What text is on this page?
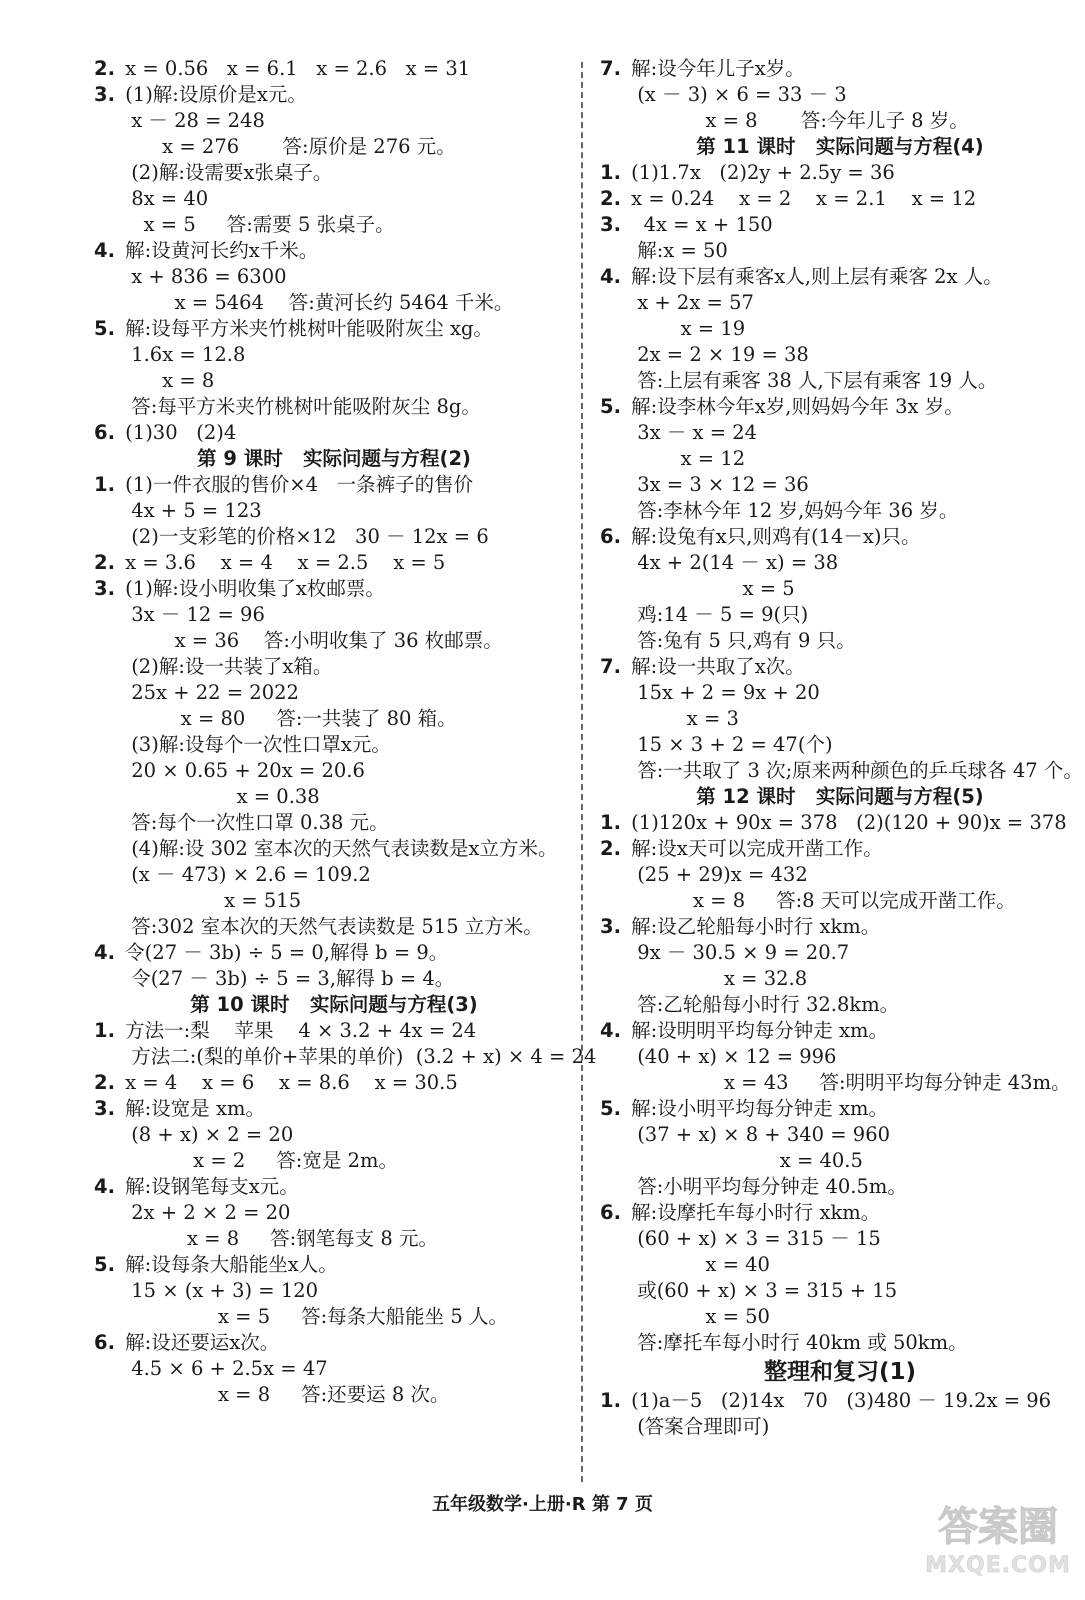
2. x = 0.56   x = 6.1   x = 2.6   x = 31
3. (1)解:设原价是x元。
x － 28 = 248
x = 276       答:原价是 276 元。
(2)解:设需要x张桌子。
8x = 40
x = 5     答:需要 5 张桌子。
4. 解:设黄河长约x千米。
x + 836 = 6300
x = 5464    答:黄河长约 5464 千米。
5. 解:设每平方米夹竹桃树叶能吸附灰尘 xg。
1.6x = 12.8
x = 8
答:每平方米夹竹桃树叶能吸附灰尘 8g。
6. (1)30   (2)4
第 9 课时   实际问题与方程(2)
1. (1)一件衣服的售价×4   一条裤子的售价
4x + 5 = 123
(2)一支彩笔的价格×12   30 － 12x = 6
2. x = 3.6    x = 4    x = 2.5    x = 5
3. (1)解:设小明收集了x枚邮票。
3x － 12 = 96
x = 36    答:小明收集了 36 枚邮票。
(2)解:设一共装了x箱。
25x + 22 = 2022
x = 80     答:一共装了 80 箱。
(3)解:设每个一次性口罩x元。
20 × 0.65 + 20x = 20.6
x = 0.38
答:每个一次性口罩 0.38 元。
(4)解:设 302 室本次的天然气表读数是x立方米。
(x － 473) × 2.6 = 109.2
x = 515
答:302 室本次的天然气表读数是 515 立方米。
4. 令(27 － 3b) ÷ 5 = 0,解得 b = 9。
令(27 － 3b) ÷ 5 = 3,解得 b = 4。
第 10 课时   实际问题与方程(3)
1. 方法一:梨    苹果    4 × 3.2 + 4x = 24
方法二:(梨的单价+苹果的单价)  (3.2 + x) × 4 = 24
2. x = 4    x = 6    x = 8.6    x = 30.5
3. 解:设宽是 xm。
(8 + x) × 2 = 20
x = 2     答:宽是 2m。
4. 解:设钢笔每支x元。
2x + 2 × 2 = 20
x = 8     答:钢笔每支 8 元。
5. 解:设每条大船能坐x人。
15 × (x + 3) = 120
x = 5     答:每条大船能坐 5 人。
6. 解:设还要运x次。
4.5 × 6 + 2.5x = 47
x = 8     答:还要运 8 次。
7. 解:设今年儿子x岁。
(x － 3) × 6 = 33 － 3
x = 8       答:今年儿子 8 岁。
第 11 课时   实际问题与方程(4)
1. (1)1.7x   (2)2y + 2.5y = 36
2. x = 0.24    x = 2    x = 2.1    x = 12
3.   4x = x + 150
解:x = 50
4. 解:设下层有乘客x人,则上层有乘客 2x 人。
x + 2x = 57
x = 19
2x = 2 × 19 = 38
答:上层有乘客 38 人,下层有乘客 19 人。
5. 解:设李林今年x岁,则妈妈今年 3x 岁。
3x － x = 24
x = 12
3x = 3 × 12 = 36
答:李林今年 12 岁,妈妈今年 36 岁。
6. 解:设兔有x只,则鸡有(14－x)只。
4x + 2(14 － x) = 38
x = 5
鸡:14 － 5 = 9(只)
答:兔有 5 只,鸡有 9 只。
7. 解:设一共取了x次。
15x + 2 = 9x + 20
x = 3
15 × 3 + 2 = 47(个)
答:一共取了 3 次;原来两种颜色的乒乓球各 47 个。
第 12 课时   实际问题与方程(5)
1. (1)120x + 90x = 378   (2)(120 + 90)x = 378
2. 解:设x天可以完成开凿工作。
(25 + 29)x = 432
x = 8     答:8 天可以完成开凿工作。
3. 解:设乙轮船每小时行 xkm。
9x － 30.5 × 9 = 20.7
x = 32.8
答:乙轮船每小时行 32.8km。
4. 解:设明明平均每分钟走 xm。
(40 + x) × 12 = 996
x = 43     答:明明平均每分钟走 43m。
5. 解:设小明平均每分钟走 xm。
(37 + x) × 8 + 340 = 960
x = 40.5
答:小明平均每分钟走 40.5m。
6. 解:设摩托车每小时行 xkm。
(60 + x) × 3 = 315 － 15
x = 40
或(60 + x) × 3 = 315 + 15
x = 50
答:摩托车每小时行 40km 或 50km。
整理和复习(1)
1. (1)a－5   (2)14x   70   (3)480 － 19.2x = 96
(答案合理即可)
五年级数学·上册·R 第 7 页	答案圈
MXQE.COM
